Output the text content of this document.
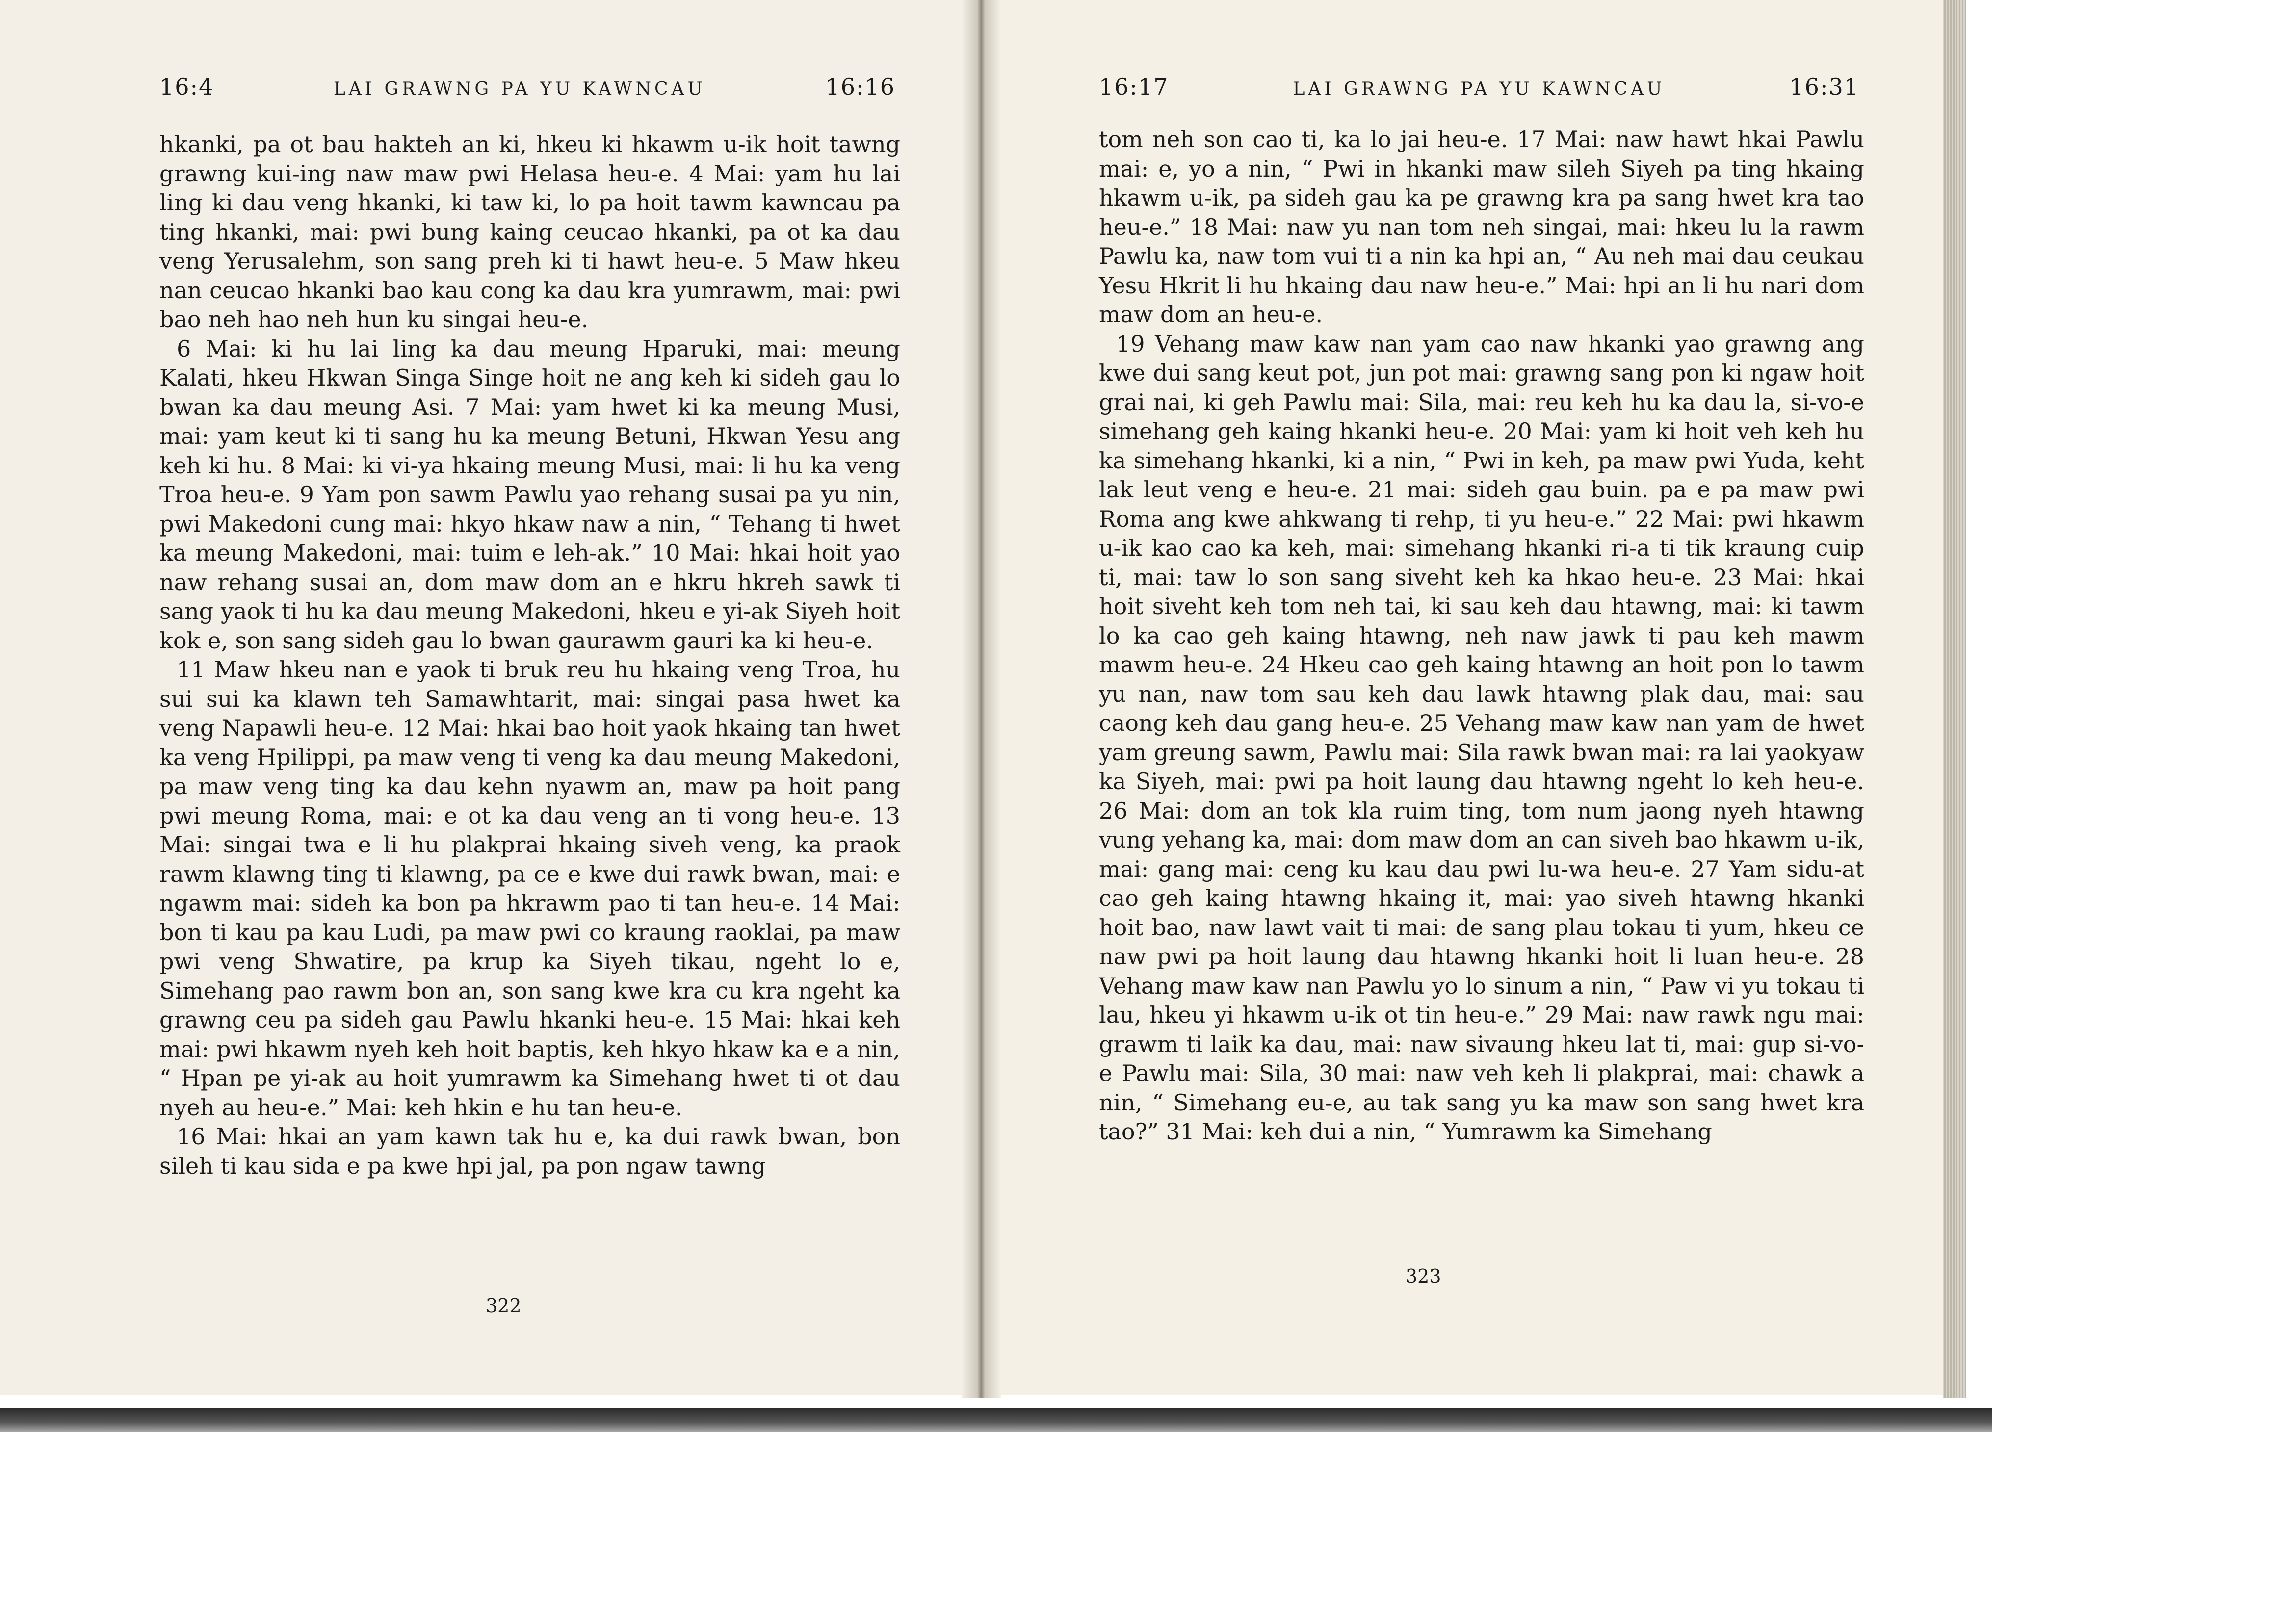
16:4	LAI GRAWNG PA YU KAWNCAU	16:16

hkanki, pa ot bau hakteh an ki, hkeu ki hkawm u-ik hoit tawng grawng kui-ing naw maw pwi Helasa heu-e. 4 Mai: yam hu lai ling ki dau veng hkanki, ki taw ki, lo pa hoit tawm kawncau pa ting hkanki, mai: pwi bung kaing ceucao hkanki, pa ot ka dau veng Yerusalehm, son sang preh ki ti hawt heu-e. 5 Maw hkeu nan ceucao hkanki bao kau cong ka dau kra yumrawm, mai: pwi bao neh hao neh hun ku singai heu-e.

6 Mai: ki hu lai ling ka dau meung Hparuki, mai: meung Kalati, hkeu Hkwan Singa Singe hoit ne ang keh ki sideh gau lo bwan ka dau meung Asi. 7 Mai: yam hwet ki ka meung Musi, mai: yam keut ki ti sang hu ka meung Betuni, Hkwan Yesu ang keh ki hu. 8 Mai: ki vi-ya hkaing meung Musi, mai: li hu ka veng Troa heu-e. 9 Yam pon sawm Pawlu yao rehang susai pa yu nin, pwi Makedoni cung mai: hkyo hkaw naw a nin, “ Tehang ti hwet ka meung Makedoni, mai: tuim e leh-ak.” 10 Mai: hkai hoit yao naw rehang susai an, dom maw dom an e hkru hkreh sawk ti sang yaok ti hu ka dau meung Makedoni, hkeu e yi-ak Siyeh hoit kok e, son sang sideh gau lo bwan gaurawm gauri ka ki heu-e.

11 Maw hkeu nan e yaok ti bruk reu hu hkaing veng Troa, hu sui sui ka klawn teh Samawhtarit, mai: singai pasa hwet ka veng Napawli heu-e. 12 Mai: hkai bao hoit yaok hkaing tan hwet ka veng Hpilippi, pa maw veng ti veng ka dau meung Makedoni, pa maw veng ting ka dau kehn nyawm an, maw pa hoit pang pwi meung Roma, mai: e ot ka dau veng an ti vong heu-e. 13 Mai: singai twa e li hu plakprai hkaing siveh veng, ka praok rawm klawng ting ti klawng, pa ce e kwe dui rawk bwan, mai: e ngawm mai: sideh ka bon pa hkrawm pao ti tan heu-e. 14 Mai: bon ti kau pa kau Ludi, pa maw pwi co kraung raoklai, pa maw pwi veng Shwatire, pa krup ka Siyeh tikau, ngeht lo e, Simehang pao rawm bon an, son sang kwe kra cu kra ngeht ka grawng ceu pa sideh gau Pawlu hkanki heu-e. 15 Mai: hkai keh mai: pwi hkawm nyeh keh hoit baptis, keh hkyo hkaw ka e a nin, “ Hpan pe yi-ak au hoit yumrawm ka Simehang hwet ti ot dau nyeh au heu-e.” Mai: keh hkin e hu tan heu-e.

16 Mai: hkai an yam kawn tak hu e, ka dui rawk bwan, bon sileh ti kau sida e pa kwe hpi jal, pa pon ngaw tawng

322
16:17	LAI GRAWNG PA YU KAWNCAU	16:31

tom neh son cao ti, ka lo jai heu-e. 17 Mai: naw hawt hkai Pawlu mai: e, yo a nin, “ Pwi in hkanki maw sileh Siyeh pa ting hkaing hkawm u-ik, pa sideh gau ka pe grawng kra pa sang hwet kra tao heu-e.” 18 Mai: naw yu nan tom neh singai, mai: hkeu lu la rawm Pawlu ka, naw tom vui ti a nin ka hpi an, “ Au neh mai dau ceukau Yesu Hkrit li hu hkaing dau naw heu-e.” Mai: hpi an li hu nari dom maw dom an heu-e.

19 Vehang maw kaw nan yam cao naw hkanki yao grawng ang kwe dui sang keut pot, jun pot mai: grawng sang pon ki ngaw hoit grai nai, ki geh Pawlu mai: Sila, mai: reu keh hu ka dau la, si-vo-e simehang geh kaing hkanki heu-e. 20 Mai: yam ki hoit veh keh hu ka simehang hkanki, ki a nin, “ Pwi in keh, pa maw pwi Yuda, keht lak leut veng e heu-e. 21 mai: sideh gau buin. pa e pa maw pwi Roma ang kwe ahkwang ti rehp, ti yu heu-e.” 22 Mai: pwi hkawm u-ik kao cao ka keh, mai: simehang hkanki ri-a ti tik kraung cuip ti, mai: taw lo son sang siveht keh ka hkao heu-e. 23 Mai: hkai hoit siveht keh tom neh tai, ki sau keh dau htawng, mai: ki tawm lo ka cao geh kaing htawng, neh naw jawk ti pau keh mawm mawm heu-e. 24 Hkeu cao geh kaing htawng an hoit pon lo tawm yu nan, naw tom sau keh dau lawk htawng plak dau, mai: sau caong keh dau gang heu-e. 25 Vehang maw kaw nan yam de hwet yam greung sawm, Pawlu mai: Sila rawk bwan mai: ra lai yaokyaw ka Siyeh, mai: pwi pa hoit laung dau htawng ngeht lo keh heu-e. 26 Mai: dom an tok kla ruim ting, tom num jaong nyeh htawng vung yehang ka, mai: dom maw dom an can siveh bao hkawm u-ik, mai: gang mai: ceng ku kau dau pwi lu-wa heu-e. 27 Yam sidu-at cao geh kaing htawng hkaing it, mai: yao siveh htawng hkanki hoit bao, naw lawt vait ti mai: de sang plau tokau ti yum, hkeu ce naw pwi pa hoit laung dau htawng hkanki hoit li luan heu-e. 28 Vehang maw kaw nan Pawlu yo lo sinum a nin, “ Paw vi yu tokau ti lau, hkeu yi hkawm u-ik ot tin heu-e.” 29 Mai: naw rawk ngu mai: grawm ti laik ka dau, mai: naw sivaung hkeu lat ti, mai: gup si-vo-e Pawlu mai: Sila, 30 mai: naw veh keh li plakprai, mai: chawk a nin, “ Simehang eu-e, au tak sang yu ka maw son sang hwet kra tao?” 31 Mai: keh dui a nin, “ Yumrawm ka Simehang

323
